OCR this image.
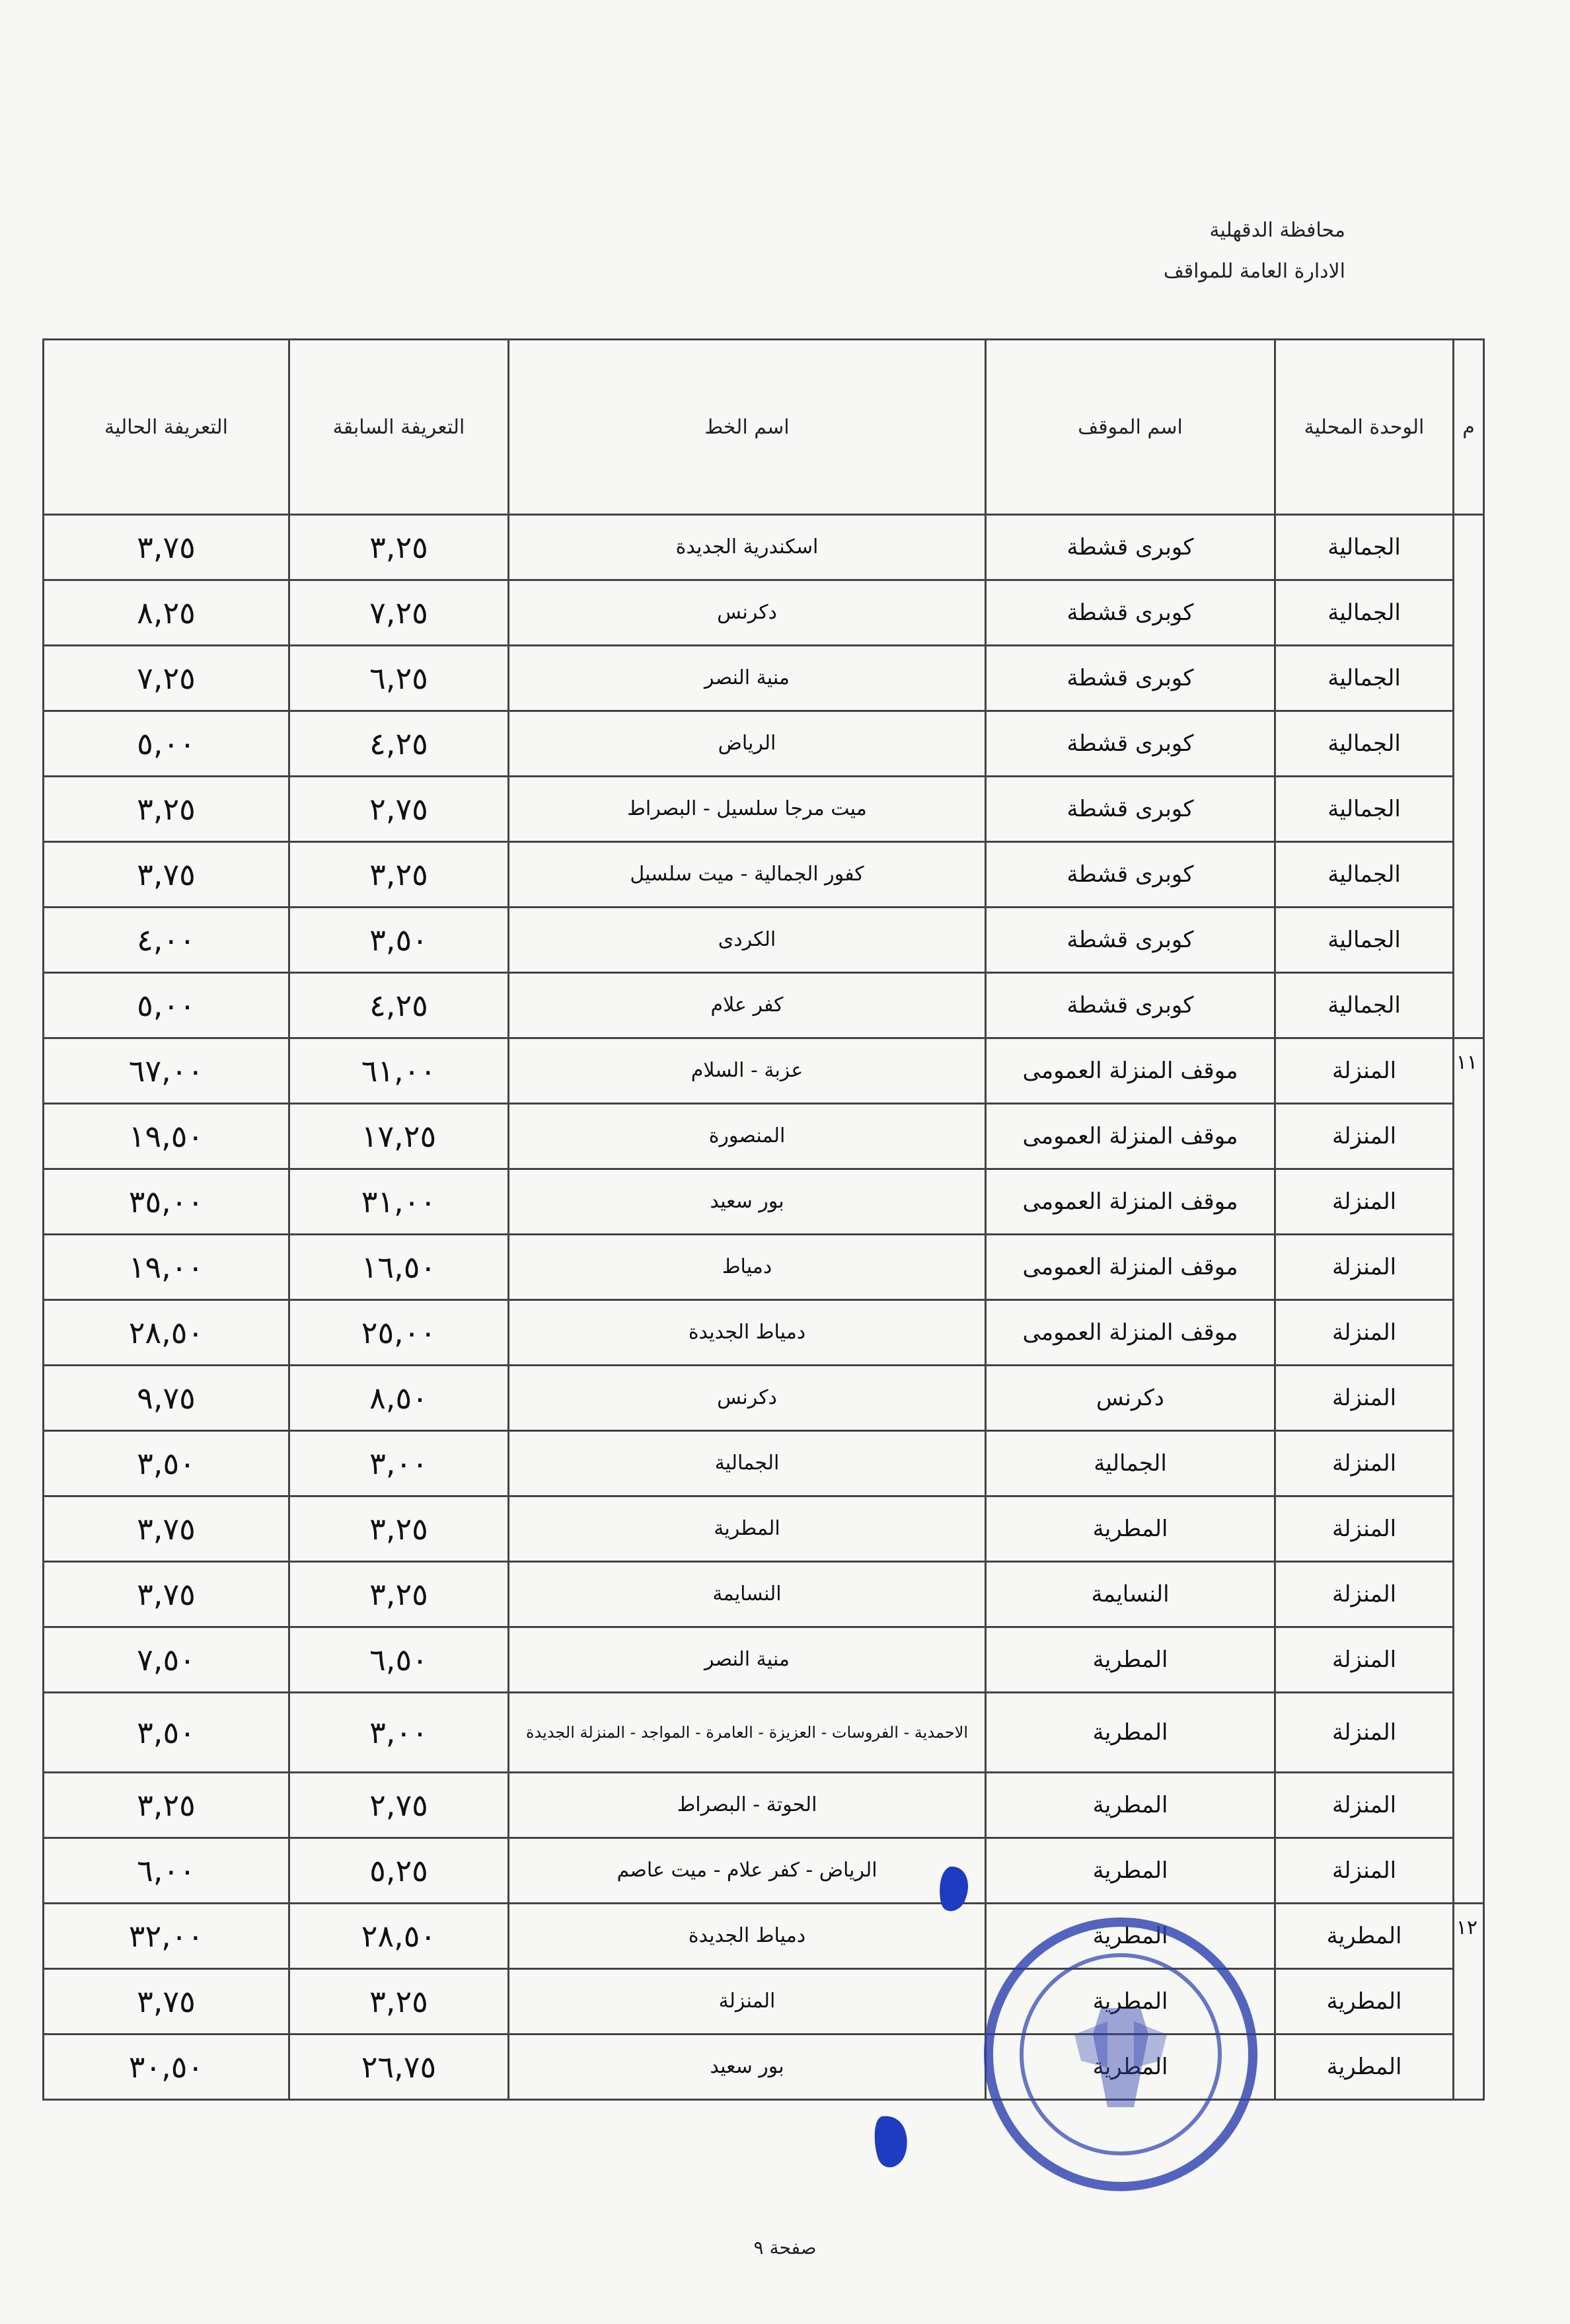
محافظة الدقهلية
الادارة العامة للمواقف
م	الوحدة المحلية	اسم الموقف	اسم الخط	التعريفة السابقة	التعريفة الحالية
	الجمالية	كوبرى قشطة	اسكندرية الجديدة	٣,٢٥	٣,٧٥
	الجمالية	كوبرى قشطة	دكرنس	٧,٢٥	٨,٢٥
	الجمالية	كوبرى قشطة	منية النصر	٦,٢٥	٧,٢٥
	الجمالية	كوبرى قشطة	الرياض	٤,٢٥	٥,٠٠
	الجمالية	كوبرى قشطة	ميت مرجا سلسيل - البصراط	٢,٧٥	٣,٢٥
	الجمالية	كوبرى قشطة	كفور الجمالية - ميت سلسيل	٣,٢٥	٣,٧٥
	الجمالية	كوبرى قشطة	الكردى	٣,٥٠	٤,٠٠
	الجمالية	كوبرى قشطة	كفر علام	٤,٢٥	٥,٠٠
١١	المنزلة	موقف المنزلة العمومى	عزبة - السلام	٦١,٠٠	٦٧,٠٠
	المنزلة	موقف المنزلة العمومى	المنصورة	١٧,٢٥	١٩,٥٠
	المنزلة	موقف المنزلة العمومى	بور سعيد	٣١,٠٠	٣٥,٠٠
	المنزلة	موقف المنزلة العمومى	دمياط	١٦,٥٠	١٩,٠٠
	المنزلة	موقف المنزلة العمومى	دمياط الجديدة	٢٥,٠٠	٢٨,٥٠
	المنزلة	دكرنس	دكرنس	٨,٥٠	٩,٧٥
	المنزلة	الجمالية	الجمالية	٣,٠٠	٣,٥٠
	المنزلة	المطرية	المطرية	٣,٢٥	٣,٧٥
	المنزلة	النسايمة	النسايمة	٣,٢٥	٣,٧٥
	المنزلة	المطرية	منية النصر	٦,٥٠	٧,٥٠
	المنزلة	المطرية	الاحمدية - الفروسات - العزيزة - العامرة - المواجد - المنزلة الجديدة	٣,٠٠	٣,٥٠
	المنزلة	المطرية	الحوتة - البصراط	٢,٧٥	٣,٢٥
	المنزلة	المطرية	الرياض - كفر علام - ميت عاصم	٥,٢٥	٦,٠٠
١٢	المطرية	المطرية	دمياط الجديدة	٢٨,٥٠	٣٢,٠٠
	المطرية	المطرية	المنزلة	٣,٢٥	٣,٧٥
	المطرية	المطرية	بور سعيد	٢٦,٧٥	٣٠,٥٠
صفحة ٩
